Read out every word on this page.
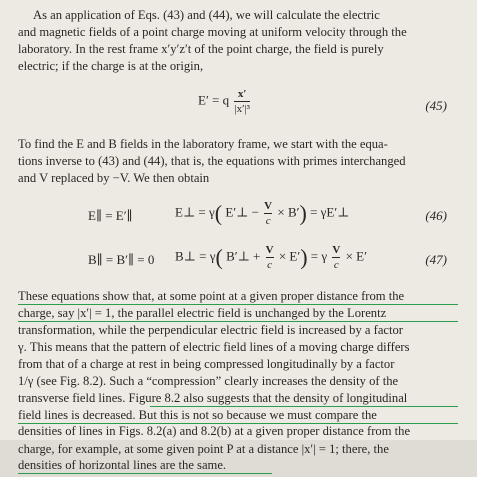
As an application of Eqs. (43) and (44), we will calculate the electric
and magnetic fields of a point charge moving at uniform velocity through the
laboratory. In the rest frame x′y′z′t of the point charge, the field is purely
electric; if the charge is at the origin,
E′ = q $\frac{x'}{\text{|x′|³}}$	(45)
To find the E and B fields in the laboratory frame, we start with the equa-
tions inverse to (43) and (44), that is, the equations with primes interchanged
and V replaced by −V. We then obtain
E∥ = E′∥	E⊥ = γ( E′⊥ − $\frac{V}{c} \times B'$) = γE′⊥	(46)
B∥ = B′∥ = 0 B⊥ = γ( B′⊥ + $\frac{V}{c} \times E') = \gamma \frac{V}{c} \times E'$	(47)
These equations show that, at some point at a given proper distance from the
charge, say |x′| = 1, the parallel electric field is unchanged by the Lorentz
transformation, while the perpendicular electric field is increased by a factor
γ. This means that the pattern of electric field lines of a moving charge differs
from that of a charge at rest in being compressed longitudinally by a factor
1/γ (see Fig. 8.2). Such a “compression” clearly increases the density of the
transverse field lines. Figure 8.2 also suggests that the density of longitudinal
field lines is decreased. But this is not so because we must compare the
densities of lines in Figs. 8.2(a) and 8.2(b) at a given proper distance from the
charge, for example, at some given point P at a distance |x′| = 1; there, the
densities of horizontal lines are the same.
